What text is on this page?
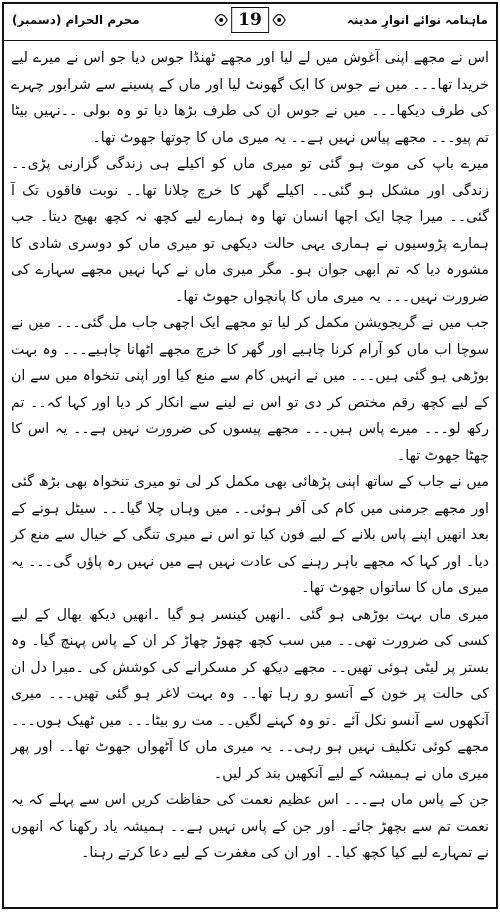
ماہنامہ نوائے انوارِ مدینہ
19
محرم الحرام (دسمبر)

اس نے مجھے اپنی آغوش میں لے لیا اور مجھے ٹھنڈا جوس دیا جو اس نے میرے لیے خریدا تھا۔۔۔ میں نے جوس کا ایک گھونٹ لیا اور ماں کے پسینے سے شرابور چہرے کی طرف دیکھا۔۔۔ میں نے جوس ان کی طرف بڑھا دیا تو وہ بولی ۔۔نہیں بیٹا تم پیو۔۔۔ مجھے پیاس نہیں ہے۔۔ یہ میری ماں کا چوتھا جھوٹ تھا۔

میرے باپ کی موت ہو گئی تو میری ماں کو اکیلے ہی زندگی گزارنی پڑی۔۔ زندگی اور مشکل ہو گئی۔۔ اکیلے گھر کا خرچ چلانا تھا۔۔ نوبت فاقوں تک آ گئی۔۔ میرا چچا ایک اچھا انسان تھا وہ ہمارے لیے کچھ نہ کچھ بھیج دیتا۔ جب ہمارے پڑوسیوں نے ہماری یہی حالت دیکھی تو میری ماں کو دوسری شادی کا مشورہ دیا کہ تم ابھی جوان ہو۔ مگر میری ماں نے کہا نہیں مجھے سہارے کی ضرورت نہیں۔۔۔ یہ میری ماں کا پانچواں جھوٹ تھا۔

جب میں نے گریجویشن مکمل کر لیا تو مجھے ایک اچھی جاب مل گئی۔۔۔ میں نے سوچا اب ماں کو آرام کرنا چاہیے اور گھر کا خرچ مجھے اٹھانا چاہیے۔۔۔ وہ بہت بوڑھی ہو گئی ہیں۔۔۔ میں نے انہیں کام سے منع کیا اور اپنی تنخواہ میں سے ان کے لیے کچھ رقم مختص کر دی تو اس نے لینے سے انکار کر دیا اور کہا کہ۔۔ تم رکھ لو۔۔۔ میرے پاس ہیں۔۔۔ مجھے پیسوں کی ضرورت نہیں ہے۔۔ یہ اس کا چھٹا جھوٹ تھا۔

میں نے جاب کے ساتھ اپنی پڑھائی بھی مکمل کر لی تو میری تنخواہ بھی بڑھ گئی اور مجھے جرمنی میں کام کی آفر ہوئی۔۔ میں وہاں چلا گیا۔۔۔ سیٹل ہونے کے بعد انھیں اپنے پاس بلانے کے لیے فون کیا تو اس نے میری تنگی کے خیال سے منع کر دیا۔ اور کہا کہ مجھے باہر رہنے کی عادت نہیں ہے میں نہیں رہ پاؤں گی۔۔۔ یہ میری ماں کا ساتواں جھوٹ تھا۔

میری ماں بہت بوڑھی ہو گئی ۔انھیں کینسر ہو گیا ۔انھیں دیکھ بھال کے لیے کسی کی ضرورت تھی۔۔ میں سب کچھ چھوڑ چھاڑ کر ان کے پاس پہنچ گیا۔ وہ بستر پر لیٹی ہوئی تھیں۔۔ مجھے دیکھ کر مسکرانے کی کوشش کی ۔میرا دل ان کی حالت پر خون کے آنسو رو رہا تھا۔۔ وہ بہت لاغر ہو گئی تھیں۔۔۔ میری آنکھوں سے آنسو نکل آئے ۔تو وہ کہنے لگیں۔۔ مت رو بیٹا۔۔۔ میں ٹھیک ہوں۔۔۔ مجھے کوئی تکلیف نہیں ہو رہی۔۔ یہ میری ماں کا آٹھواں جھوٹ تھا۔۔ اور پھر میری ماں نے ہمیشہ کے لیے آنکھیں بند کر لیں۔

جن کے پاس ماں ہے۔۔۔ اس عظیم نعمت کی حفاظت کریں اس سے پہلے کہ یہ نعمت تم سے بچھڑ جائے۔ اور جن کے پاس نہیں ہے۔۔ ہمیشہ یاد رکھنا کہ انھوں نے تمہارے لیے کیا کچھ کیا۔۔ اور ان کی مغفرت کے لیے دعا کرتے رہنا۔
